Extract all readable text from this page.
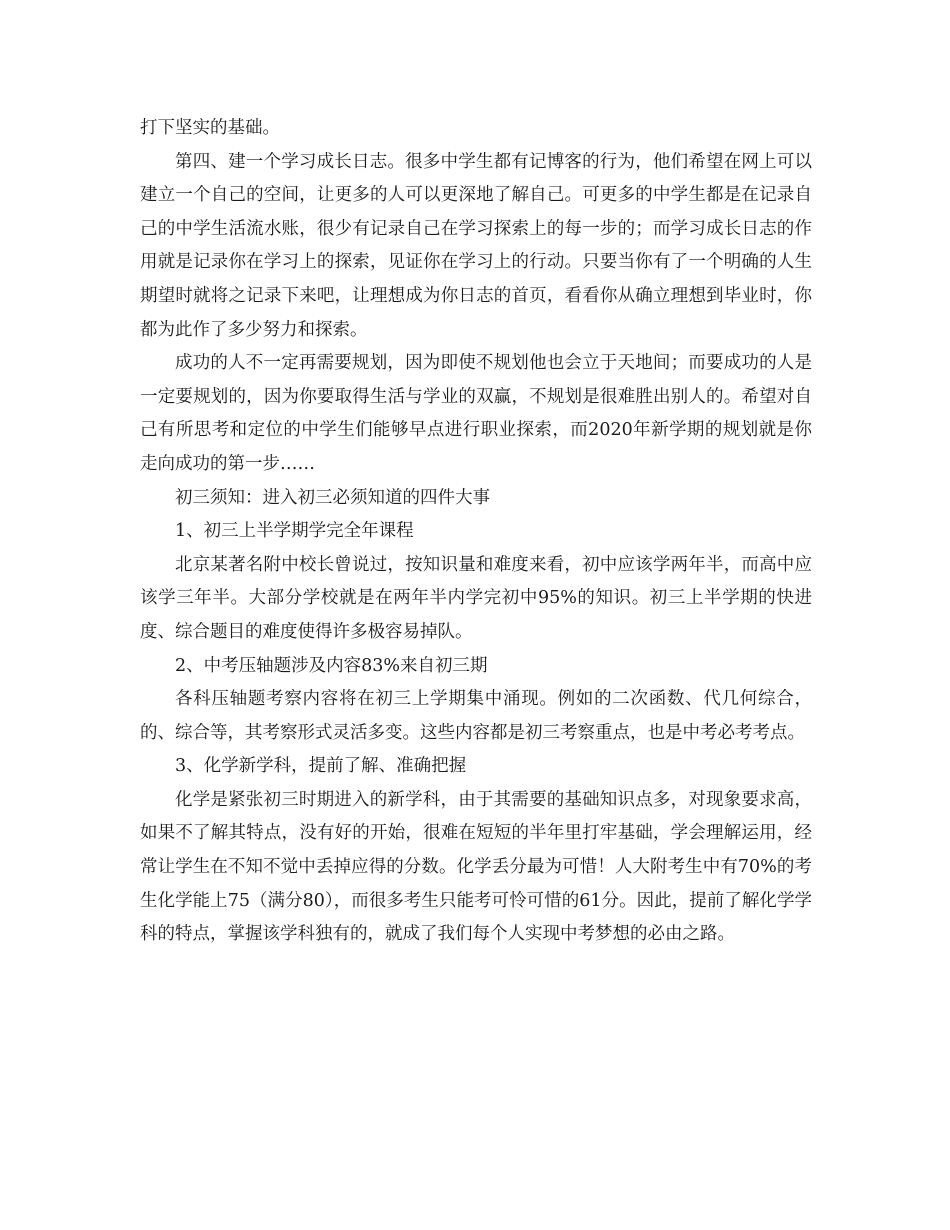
打下坚实的基础。

第四、建一个学习成长日志。很多中学生都有记博客的行为，他们希望在网上可以建立一个自己的空间，让更多的人可以更深地了解自己。可更多的中学生都是在记录自己的中学生活流水账，很少有记录自己在学习探索上的每一步的；而学习成长日志的作用就是记录你在学习上的探索，见证你在学习上的行动。只要当你有了一个明确的人生期望时就将之记录下来吧，让理想成为你日志的首页，看看你从确立理想到毕业时，你都为此作了多少努力和探索。

成功的人不一定再需要规划，因为即使不规划他也会立于天地间；而要成功的人是一定要规划的，因为你要取得生活与学业的双赢，不规划是很难胜出别人的。希望对自己有所思考和定位的中学生们能够早点进行职业探索，而2020年新学期的规划就是你走向成功的第一步……

初三须知：进入初三必须知道的四件大事

1、初三上半学期学完全年课程

北京某著名附中校长曾说过，按知识量和难度来看，初中应该学两年半，而高中应该学三年半。大部分学校就是在两年半内学完初中95%的知识。初三上半学期的快进度、综合题目的难度使得许多极容易掉队。

2、中考压轴题涉及内容83%来自初三期

各科压轴题考察内容将在初三上学期集中涌现。例如的二次函数、代几何综合，的、综合等，其考察形式灵活多变。这些内容都是初三考察重点，也是中考必考考点。

3、化学新学科，提前了解、准确把握

化学是紧张初三时期进入的新学科，由于其需要的基础知识点多，对现象要求高，如果不了解其特点，没有好的开始，很难在短短的半年里打牢基础，学会理解运用，经常让学生在不知不觉中丢掉应得的分数。化学丢分最为可惜！人大附考生中有70%的考生化学能上75（满分80），而很多考生只能考可怜可惜的61分。因此，提前了解化学学科的特点，掌握该学科独有的，就成了我们每个人实现中考梦想的必由之路。
